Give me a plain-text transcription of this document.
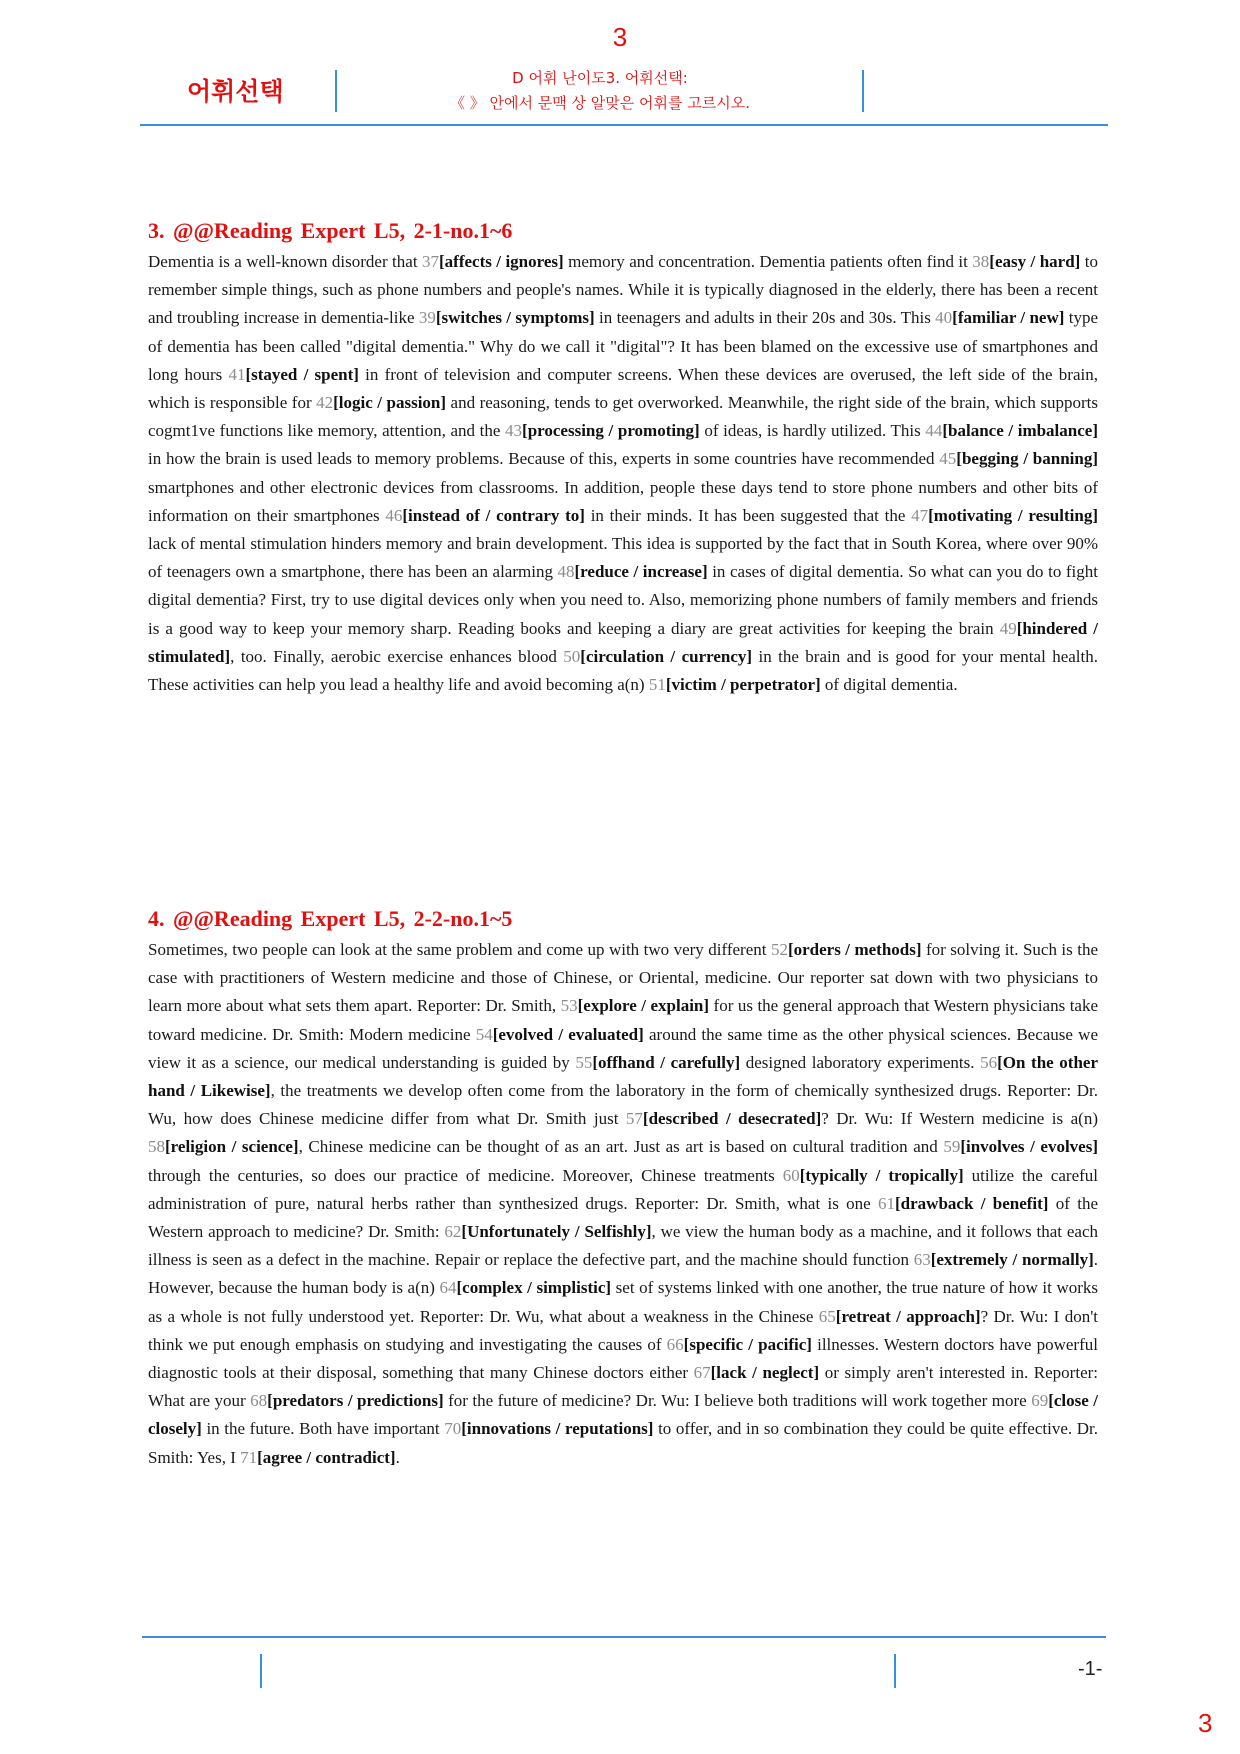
3
어휘선택	D 어휘 난이도3. 어휘선택:
《 》 안에서 문맥 상 알맞은 어휘를 고르시오.
3. @@Reading Expert L5, 2-1-no.1~6

Dementia is a well-known disorder that 37[affects / ignores] memory and concentration. Dementia patients often find it 38[easy / hard] to remember simple things, such as phone numbers and people's names. While it is typically diagnosed in the elderly, there has been a recent and troubling increase in dementia-like 39[switches / symptoms] in teenagers and adults in their 20s and 30s. This 40[familiar / new] type of dementia has been called "digital dementia." Why do we call it "digital"? It has been blamed on the excessive use of smartphones and long hours 41[stayed / spent] in front of television and computer screens. When these devices are overused, the left side of the brain, which is responsible for 42[logic / passion] and reasoning, tends to get overworked. Meanwhile, the right side of the brain, which supports cogmt1ve functions like memory, attention, and the 43[processing / promoting] of ideas, is hardly utilized. This 44[balance / imbalance] in how the brain is used leads to memory problems. Because of this, experts in some countries have recommended 45[begging / banning] smartphones and other electronic devices from classrooms. In addition, people these days tend to store phone numbers and other bits of information on their smartphones 46[instead of / contrary to] in their minds. It has been suggested that the 47[motivating / resulting] lack of mental stimulation hinders memory and brain development. This idea is supported by the fact that in South Korea, where over 90% of teenagers own a smartphone, there has been an alarming 48[reduce / increase] in cases of digital dementia. So what can you do to fight digital dementia? First, try to use digital devices only when you need to. Also, memorizing phone numbers of family members and friends is a good way to keep your memory sharp. Reading books and keeping a diary are great activities for keeping the brain 49[hindered / stimulated], too. Finally, aerobic exercise enhances blood 50[circulation / currency] in the brain and is good for your mental health. These activities can help you lead a healthy life and avoid becoming a(n) 51[victim / perpetrator] of digital dementia.

4. @@Reading Expert L5, 2-2-no.1~5

Sometimes, two people can look at the same problem and come up with two very different 52[orders / methods] for solving it. Such is the case with practitioners of Western medicine and those of Chinese, or Oriental, medicine. Our reporter sat down with two physicians to learn more about what sets them apart. Reporter: Dr. Smith, 53[explore / explain] for us the general approach that Western physicians take toward medicine. Dr. Smith: Modern medicine 54[evolved / evaluated] around the same time as the other physical sciences. Because we view it as a science, our medical understanding is guided by 55[offhand / carefully] designed laboratory experiments. 56[On the other hand / Likewise], the treatments we develop often come from the laboratory in the form of chemically synthesized drugs. Reporter: Dr. Wu, how does Chinese medicine differ from what Dr. Smith just 57[described / desecrated]? Dr. Wu: If Western medicine is a(n) 58[religion / science], Chinese medicine can be thought of as an art. Just as art is based on cultural tradition and 59[involves / evolves] through the centuries, so does our practice of medicine. Moreover, Chinese treatments 60[typically / tropically] utilize the careful administration of pure, natural herbs rather than synthesized drugs. Reporter: Dr. Smith, what is one 61[drawback / benefit] of the Western approach to medicine? Dr. Smith: 62[Unfortunately / Selfishly], we view the human body as a machine, and it follows that each illness is seen as a defect in the machine. Repair or replace the defective part, and the machine should function 63[extremely / normally]. However, because the human body is a(n) 64[complex / simplistic] set of systems linked with one another, the true nature of how it works as a whole is not fully understood yet. Reporter: Dr. Wu, what about a weakness in the Chinese 65[retreat / approach]? Dr. Wu: I don't think we put enough emphasis on studying and investigating the causes of 66[specific / pacific] illnesses. Western doctors have powerful diagnostic tools at their disposal, something that many Chinese doctors either 67[lack / neglect] or simply aren't interested in. Reporter: What are your 68[predators / predictions] for the future of medicine? Dr. Wu: I believe both traditions will work together more 69[close / closely] in the future. Both have important 70[innovations / reputations] to offer, and in so combination they could be quite effective. Dr. Smith: Yes, I 71[agree / contradict].

-1-
3
